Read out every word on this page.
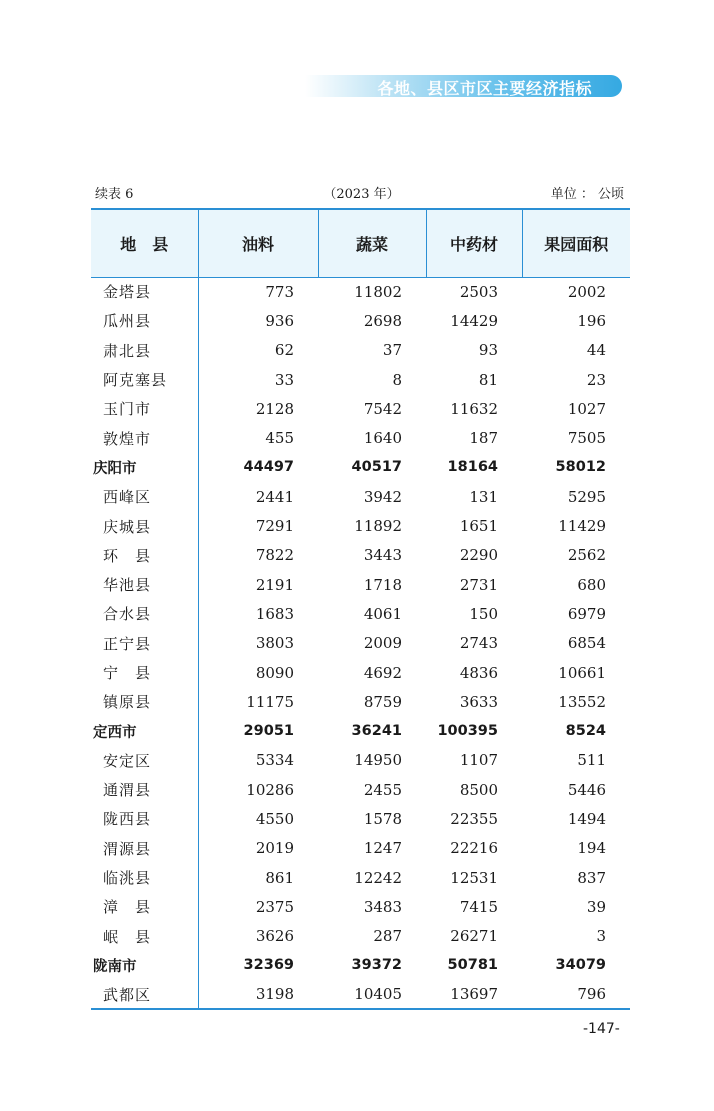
各地、县区市区主要经济指标
续表 6	（2023 年）	单位 ： 公顷
地　县	油料	蔬菜	中药材	果园面积
金塔县	773	11802	2503	2002
瓜州县	936	2698	14429	196
肃北县	62	37	93	44
阿克塞县	33	8	81	23
玉门市	2128	7542	11632	1027
敦煌市	455	1640	187	7505
庆阳市	44497	40517	18164	58012
西峰区	2441	3942	131	5295
庆城县	7291	11892	1651	11429
环　县	7822	3443	2290	2562
华池县	2191	1718	2731	680
合水县	1683	4061	150	6979
正宁县	3803	2009	2743	6854
宁　县	8090	4692	4836	10661
镇原县	11175	8759	3633	13552
定西市	29051	36241	100395	8524
安定区	5334	14950	1107	511
通渭县	10286	2455	8500	5446
陇西县	4550	1578	22355	1494
渭源县	2019	1247	22216	194
临洮县	861	12242	12531	837
漳　县	2375	3483	7415	39
岷　县	3626	287	26271	3
陇南市	32369	39372	50781	34079
武都区	3198	10405	13697	796
-147-
